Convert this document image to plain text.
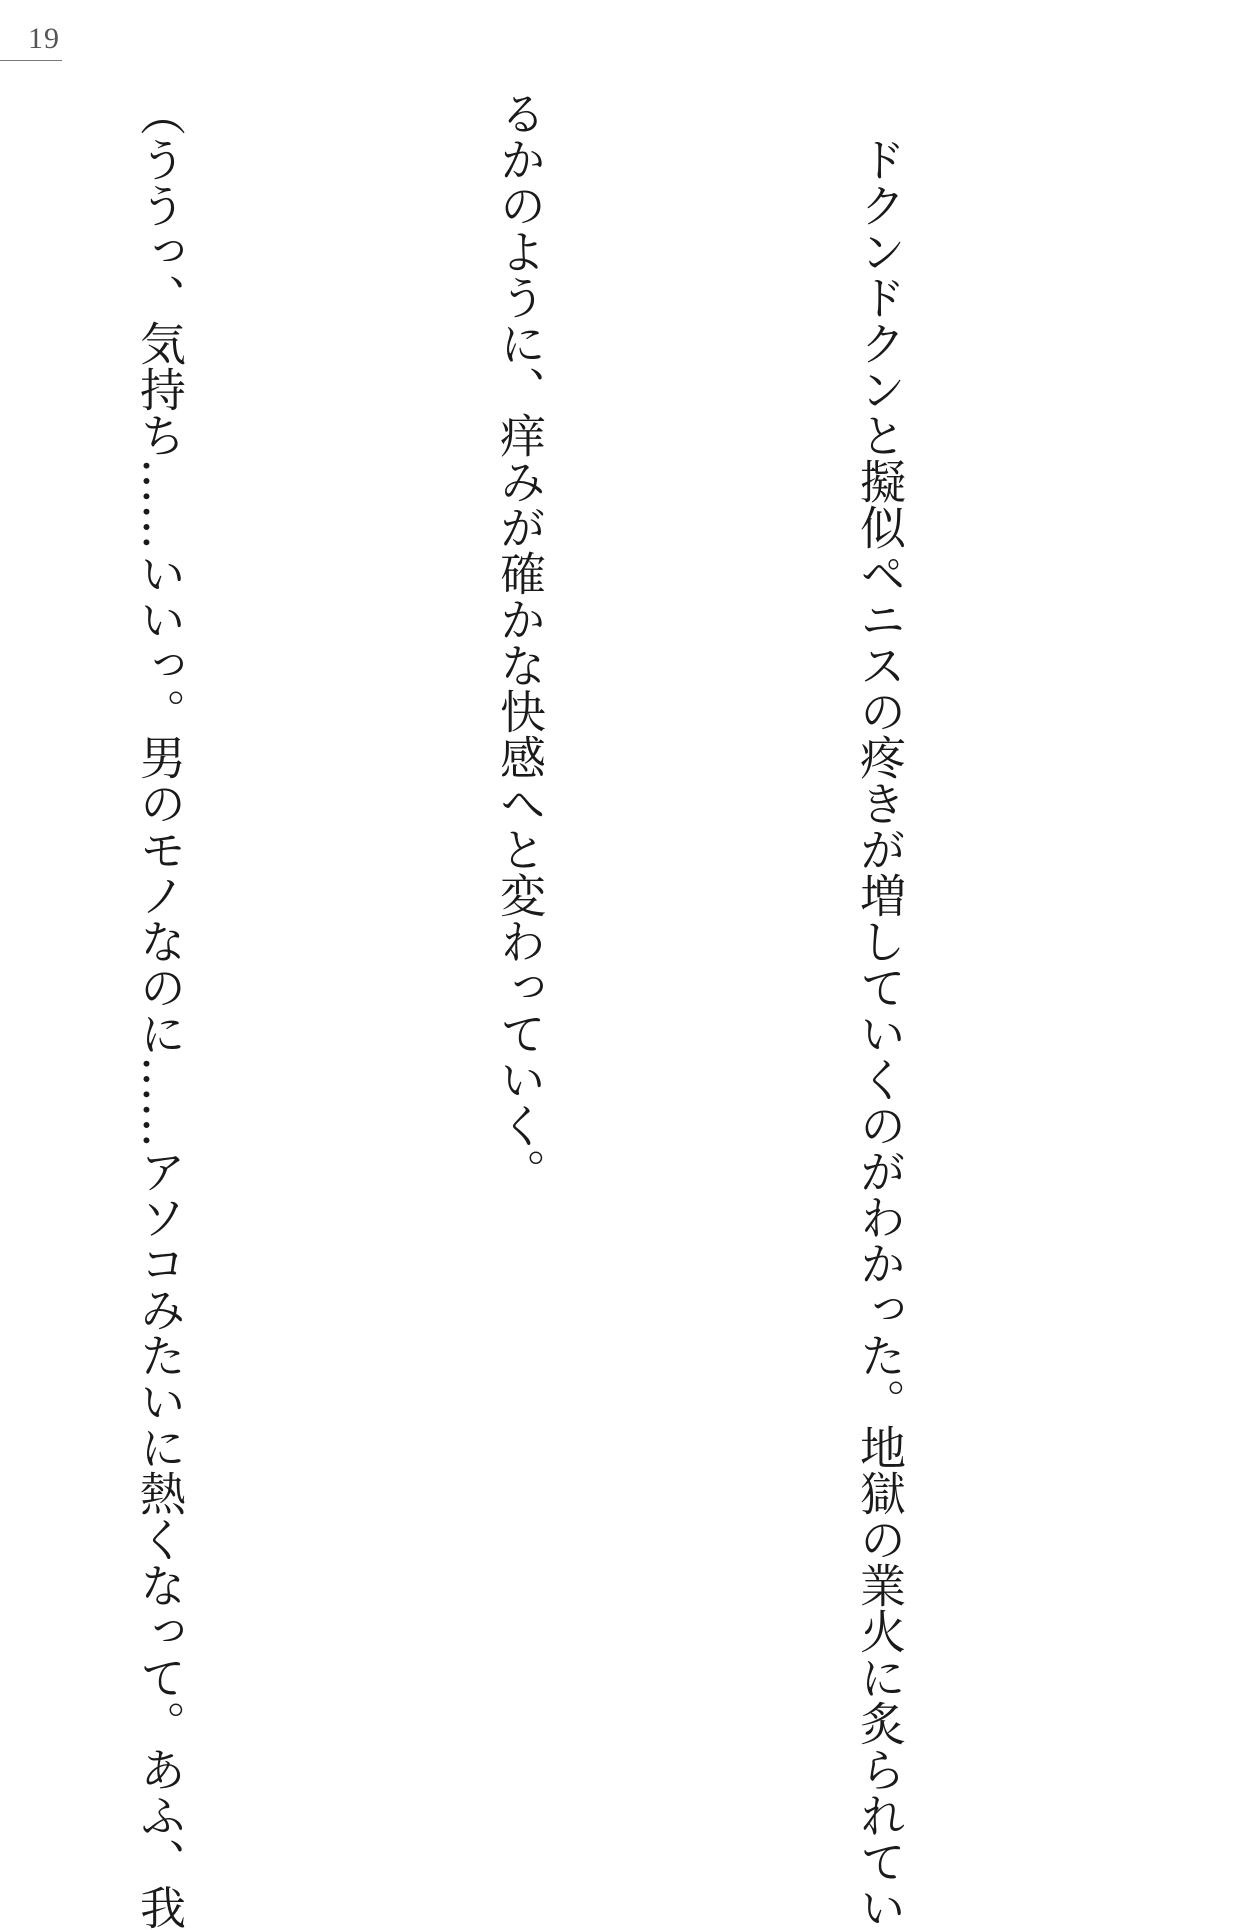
19

　ドクンドクンと擬似ペニスの疼きが増していくのがわかった。地獄の業火に炙られてい

るかのように、痒みが確かな快感へと変わっていく。

（ううっ、気持ち……いいっ。男のモノなのに……アソコみたいに熱くなって。あふ、我
